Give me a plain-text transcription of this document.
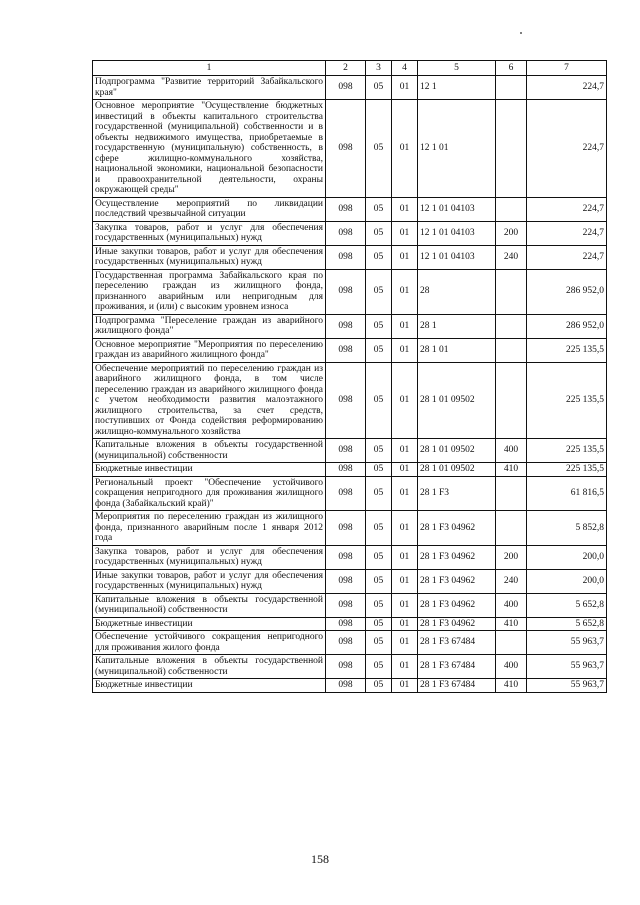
1	2	3	4	5	6	7
Подпрограмма "Развитие территорий Забайкальского края"	098	05	01	12 1		224,7
Основное мероприятие "Осуществление бюджетных инвестиций в объекты капитального строительства государственной (муниципальной) собственности и в объекты недвижимого имущества, приобретаемые в государственную (муниципальную) собственность, в сфере жилищно-коммунального хозяйства, национальной экономики, национальной безопасности и правоохранительной деятельности, охраны окружающей среды"	098	05	01	12 1 01		224,7
Осуществление мероприятий по ликвидации последствий чрезвычайной ситуации	098	05	01	12 1 01 04103		224,7
Закупка товаров, работ и услуг для обеспечения государственных (муниципальных) нужд	098	05	01	12 1 01 04103	200	224,7
Иные закупки товаров, работ и услуг для обеспечения государственных (муниципальных) нужд	098	05	01	12 1 01 04103	240	224,7
Государственная программа Забайкальского края по переселению граждан из жилищного фонда, признанного аварийным или непригодным для проживания, и (или) с высоким уровнем износа	098	05	01	28		286 952,0
Подпрограмма "Переселение граждан из аварийного жилищного фонда"	098	05	01	28 1		286 952,0
Основное мероприятие "Мероприятия по переселению граждан из аварийного жилищного фонда"	098	05	01	28 1 01		225 135,5
Обеспечение мероприятий по переселению граждан из аварийного жилищного фонда, в том числе переселению граждан из аварийного жилищного фонда с учетом необходимости развития малоэтажного жилищного строительства, за счет средств, поступивших от Фонда содействия реформированию жилищно-коммунального хозяйства	098	05	01	28 1 01 09502		225 135,5
Капитальные вложения в объекты государственной (муниципальной) собственности	098	05	01	28 1 01 09502	400	225 135,5
Бюджетные инвестиции	098	05	01	28 1 01 09502	410	225 135,5
Региональный проект "Обеспечение устойчивого сокращения непригодного для проживания жилищного фонда (Забайкальский край)"	098	05	01	28 1 F3		61 816,5
Мероприятия по переселению граждан из жилищного фонда, признанного аварийным после 1 января 2012 года	098	05	01	28 1 F3 04962		5 852,8
Закупка товаров, работ и услуг для обеспечения государственных (муниципальных) нужд	098	05	01	28 1 F3 04962	200	200,0
Иные закупки товаров, работ и услуг для обеспечения государственных (муниципальных) нужд	098	05	01	28 1 F3 04962	240	200,0
Капитальные вложения в объекты государственной (муниципальной) собственности	098	05	01	28 1 F3 04962	400	5 652,8
Бюджетные инвестиции	098	05	01	28 1 F3 04962	410	5 652,8
Обеспечение устойчивого сокращения непригодного для проживания жилого фонда	098	05	01	28 1 F3 67484		55 963,7
Капитальные вложения в объекты государственной (муниципальной) собственности	098	05	01	28 1 F3 67484	400	55 963,7
Бюджетные инвестиции	098	05	01	28 1 F3 67484	410	55 963,7
158
